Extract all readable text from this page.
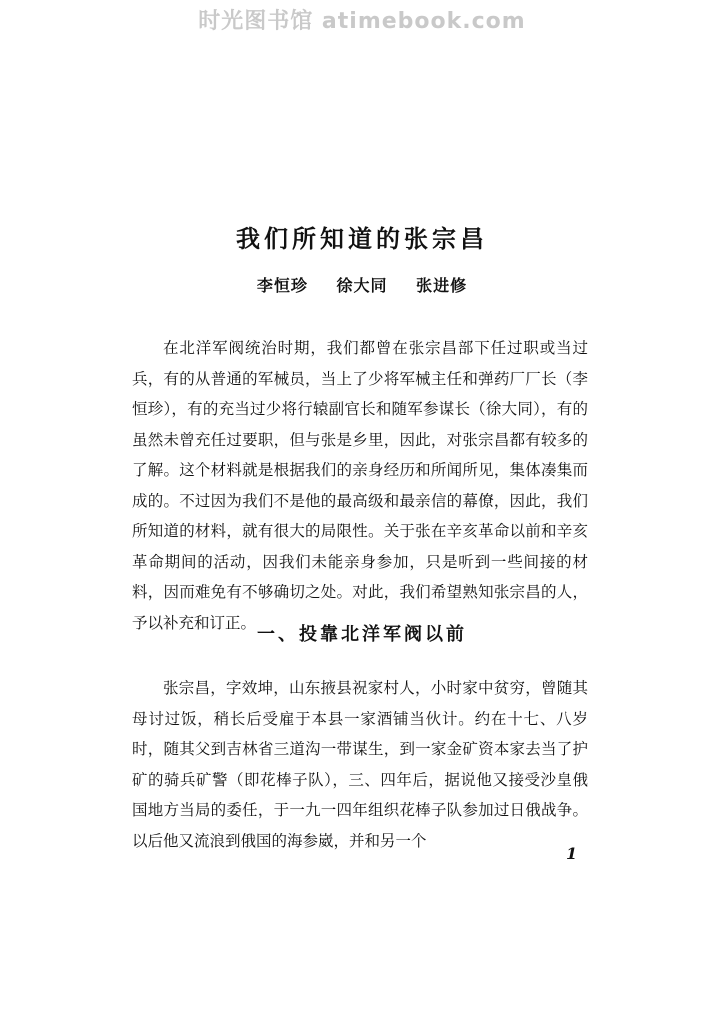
时光图书馆 atimebook.com
我们所知道的张宗昌
李恒珍 徐大同 张进修

在北洋军阀统治时期，我们都曾在张宗昌部下任过职或当过兵，有的从普通的军械员，当上了少将军械主任和弹药厂厂长（李恒珍），有的充当过少将行辕副官长和随军参谋长（徐大同），有的虽然未曾充任过要职，但与张是乡里，因此，对张宗昌都有较多的了解。这个材料就是根据我们的亲身经历和所闻所见，集体凑集而成的。不过因为我们不是他的最高级和最亲信的幕僚，因此，我们所知道的材料，就有很大的局限性。关于张在辛亥革命以前和辛亥革命期间的活动，因我们未能亲身参加，只是听到一些间接的材料，因而难免有不够确切之处。对此，我们希望熟知张宗昌的人，予以补充和订正。

一、投靠北洋军阀以前

张宗昌，字效坤，山东掖县祝家村人，小时家中贫穷，曾随其母讨过饭，稍长后受雇于本县一家酒铺当伙计。约在十七、八岁时，随其父到吉林省三道沟一带谋生，到一家金矿资本家去当了护矿的骑兵矿警（即花棒子队），三、四年后，据说他又接受沙皇俄国地方当局的委任，于一九一四年组织花棒子队参加过日俄战争。以后他又流浪到俄国的海参崴，并和另一个

1
